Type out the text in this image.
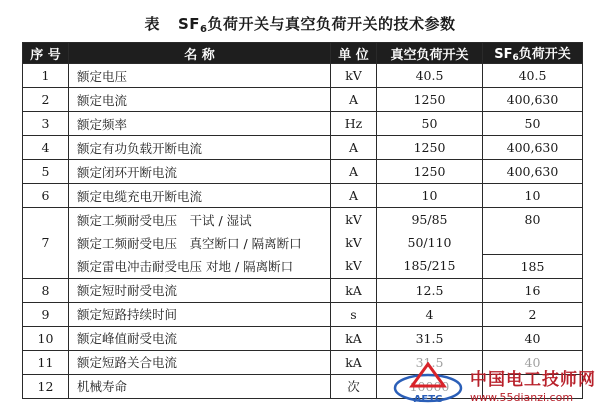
表 $SF_6$负荷开关与真空负荷开关的技术参数
序 号	名 称	单 位	真空负荷开关	$SF_6$负荷开关
1	额定电压	kV	40.5	40.5
2	额定电流	A	1250	400,630
3	额定频率	Hz	50	50
4	额定有功负载开断电流	A	1250	400,630
5	额定闭环开断电流	A	1250	400,630
6	额定电缆充电开断电流	A	10	10
7	额定工频耐受电压　干试 / 湿试	kV	95/85	80
	额定工频耐受电压　真空断口 / 隔离断口	kV	50/110	
	额定雷电冲击耐受电压 对地 / 隔离断口	kV	185/215	185
8	额定短时耐受电流	kA	12.5	16
9	额定短路持续时间	s	4	2
10	额定峰值耐受电流	kA	31.5	40
11	额定短路关合电流	kA	31.5	40
12	机械寿命	次	10000	
AETC
中国电工技师网
www.55dianzi.com
